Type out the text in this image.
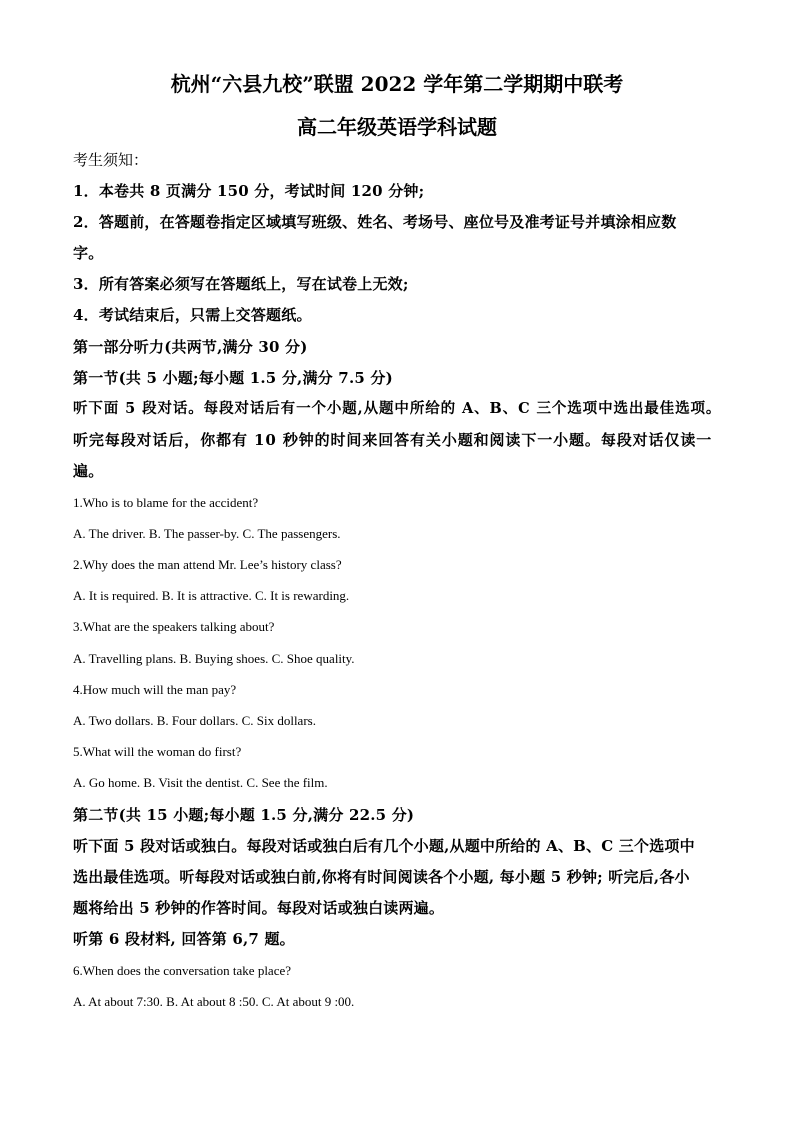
杭州“六县九校”联盟 2022 学年第二学期期中联考
高二年级英语学科试题
考生须知：
1．本卷共 8 页满分 150 分，考试时间 120 分钟;
2．答题前，在答题卷指定区域填写班级、姓名、考场号、座位号及准考证号并填涂相应数
字。
3．所有答案必须写在答题纸上，写在试卷上无效;
4．考试结束后，只需上交答题纸。
第一部分听力(共两节,满分 30 分)
第一节(共 5 小题;每小题 1.5 分,满分 7.5 分)
听下面 5 段对话。每段对话后有一个小题,从题中所给的 A、B、C 三个选项中选出最佳选项。
听完每段对话后，你都有 10 秒钟的时间来回答有关小题和阅读下一小题。每段对话仅读一
遍。
1.Who is to blame for the accident?
A. The driver. B. The passer-by. C. The passengers.
2.Why does the man attend Mr. Lee’s history class?
A. It is required. B. It is attractive. C. It is rewarding.
3.What are the speakers talking about?
A. Travelling plans. B. Buying shoes. C. Shoe quality.
4.How much will the man pay?
A. Two dollars. B. Four dollars. C. Six dollars.
5.What will the woman do first?
A. Go home. B. Visit the dentist. C. See the film.
第二节(共 15 小题;每小题 1.5 分,满分 22.5 分)
听下面 5 段对话或独白。每段对话或独白后有几个小题,从题中所给的 A、B、C 三个选项中
选出最佳选项。听每段对话或独白前,你将有时间阅读各个小题, 每小题 5 秒钟; 听完后,各小
题将给出 5 秒钟的作答时间。每段对话或独白读两遍。
听第 6 段材料, 回答第 6,7 题。
6.When does the conversation take place?
A. At about 7:30. B. At about 8 :50. C. At about 9 :00.
